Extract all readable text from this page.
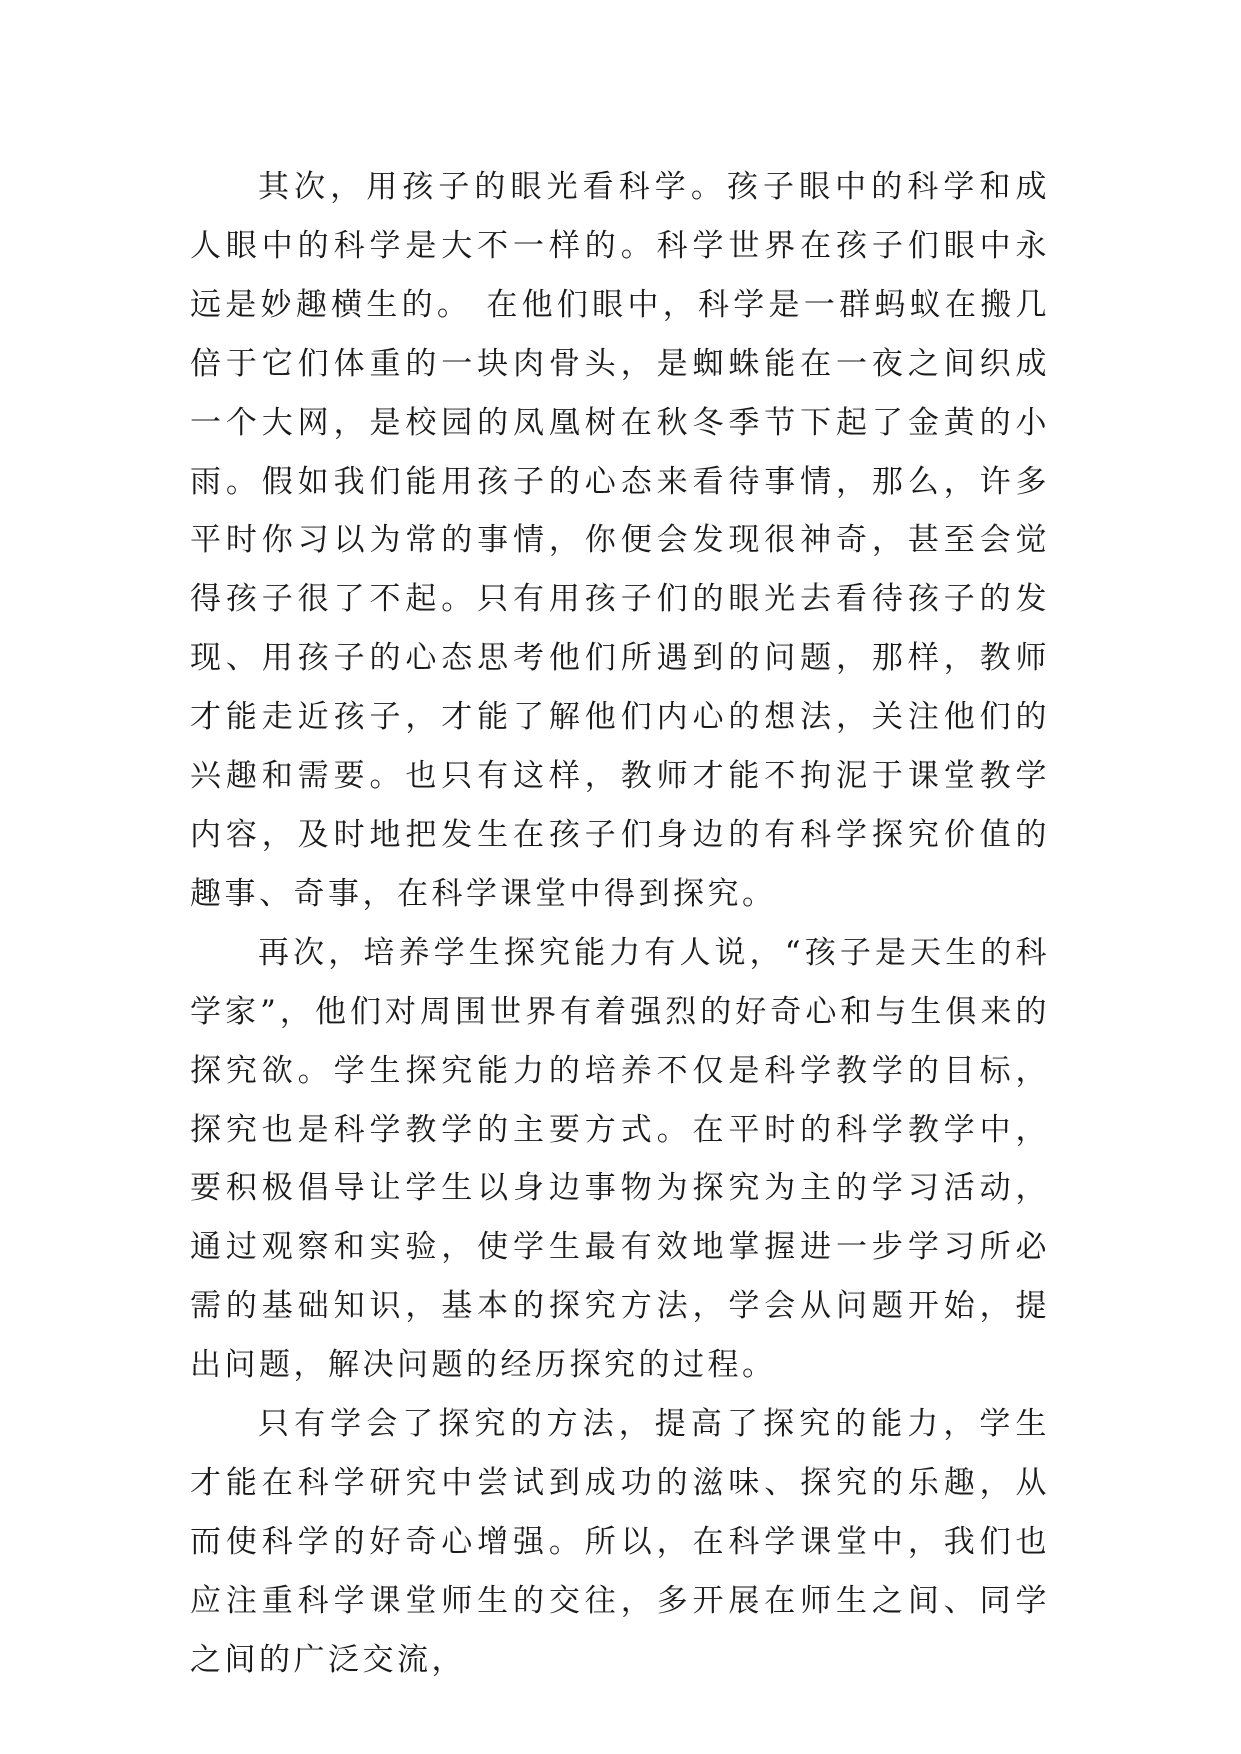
其次，用孩子的眼光看科学。孩子眼中的科学和成人眼中的科学是大不一样的。科学世界在孩子们眼中永远是妙趣横生的。 在他们眼中，科学是一群蚂蚁在搬几倍于它们体重的一块肉骨头，是蜘蛛能在一夜之间织成一个大网，是校园的凤凰树在秋冬季节下起了金黄的小雨。假如我们能用孩子的心态来看待事情，那么，许多平时你习以为常的事情，你便会发现很神奇，甚至会觉得孩子很了不起。只有用孩子们的眼光去看待孩子的发现、用孩子的心态思考他们所遇到的问题，那样，教师才能走近孩子，才能了解他们内心的想法，关注他们的兴趣和需要。也只有这样，教师才能不拘泥于课堂教学内容，及时地把发生在孩子们身边的有科学探究价值的趣事、奇事，在科学课堂中得到探究。

再次，培养学生探究能力有人说，“孩子是天生的科学家”，他们对周围世界有着强烈的好奇心和与生俱来的探究欲。学生探究能力的培养不仅是科学教学的目标，探究也是科学教学的主要方式。在平时的科学教学中，要积极倡导让学生以身边事物为探究为主的学习活动，通过观察和实验，使学生最有效地掌握进一步学习所必需的基础知识，基本的探究方法，学会从问题开始，提出问题，解决问题的经历探究的过程。

只有学会了探究的方法，提高了探究的能力，学生才能在科学研究中尝试到成功的滋味、探究的乐趣，从而使科学的好奇心增强。所以，在科学课堂中，我们也应注重科学课堂师生的交往，多开展在师生之间、同学之间的广泛交流，
